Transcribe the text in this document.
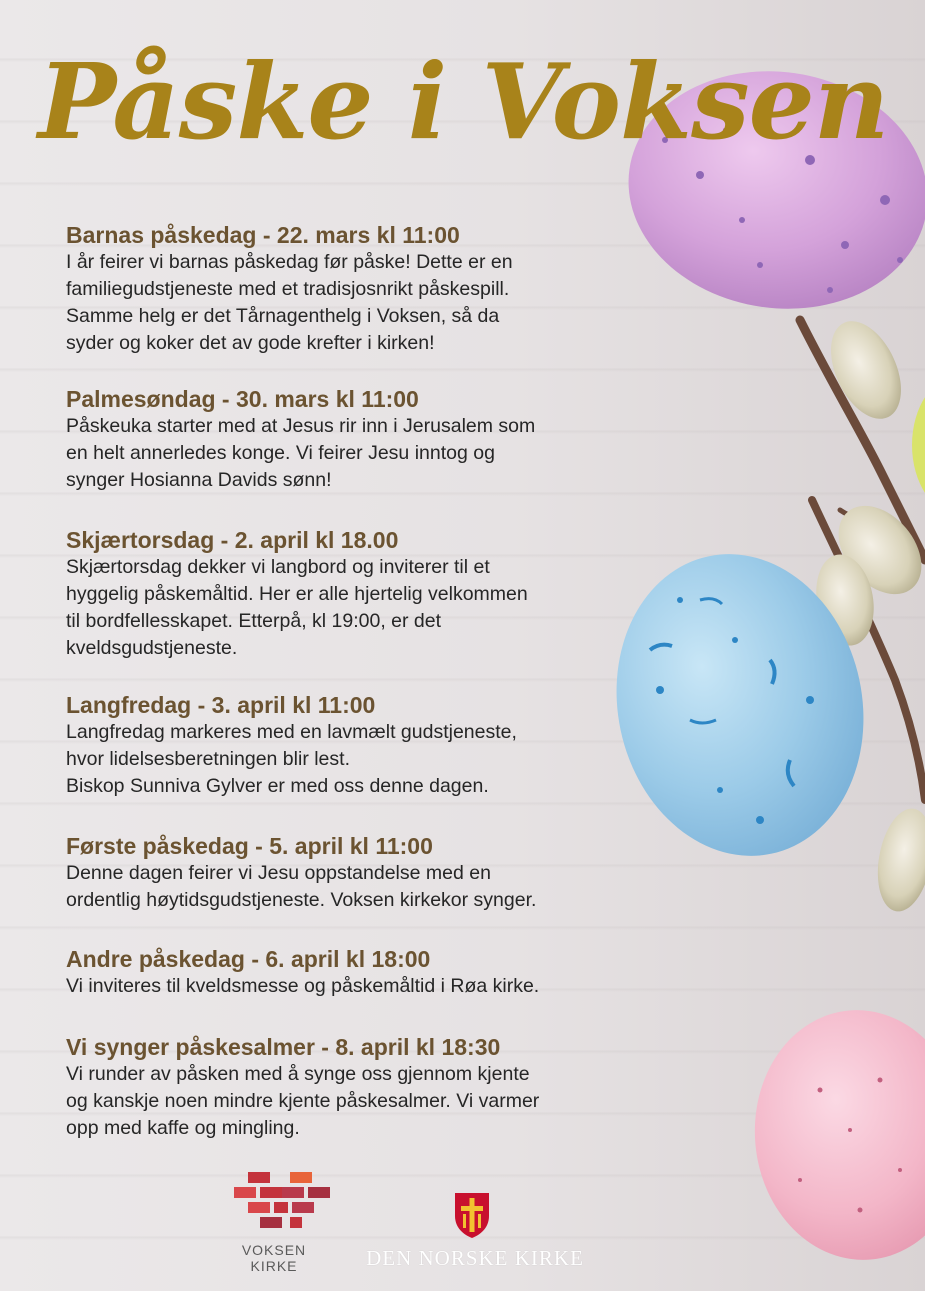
Påske i Voksen
Barnas påskedag - 22. mars kl 11:00
I år feirer vi barnas påskedag før påske! Dette er en
familiegudstjeneste med et tradisjosnrikt påskespill.
Samme helg er det Tårnagenthelg i Voksen, så da
syder og koker det av gode krefter i kirken!
Palmesøndag - 30. mars kl 11:00
Påskeuka starter med at Jesus rir inn i Jerusalem som
en helt annerledes konge. Vi feirer Jesu inntog og
synger Hosianna Davids sønn!
Skjærtorsdag - 2. april kl 18.00
Skjærtorsdag dekker vi langbord og inviterer til et
hyggelig påskemåltid. Her er alle hjertelig velkommen
til bordfellesskapet. Etterpå, kl 19:00, er det
kveldsgudstjeneste.
Langfredag - 3. april kl 11:00
Langfredag markeres med en lavmælt gudstjeneste,
hvor lidelsesberetningen blir lest.
Biskop Sunniva Gylver er med oss denne dagen.
Første påskedag - 5. april kl 11:00
Denne dagen feirer vi Jesu oppstandelse med en
ordentlig høytidsgudstjeneste. Voksen kirkekor synger.
Andre påskedag - 6. april kl 18:00
Vi inviteres til kveldsmesse og påskemåltid i Røa kirke.
Vi synger påskesalmer - 8. april kl 18:30
Vi runder av påsken med å synge oss gjennom kjente
og kanskje noen mindre kjente påskesalmer. Vi varmer
opp med kaffe og mingling.
VOKSEN
KIRKE	DEN NORSKE KIRKE
